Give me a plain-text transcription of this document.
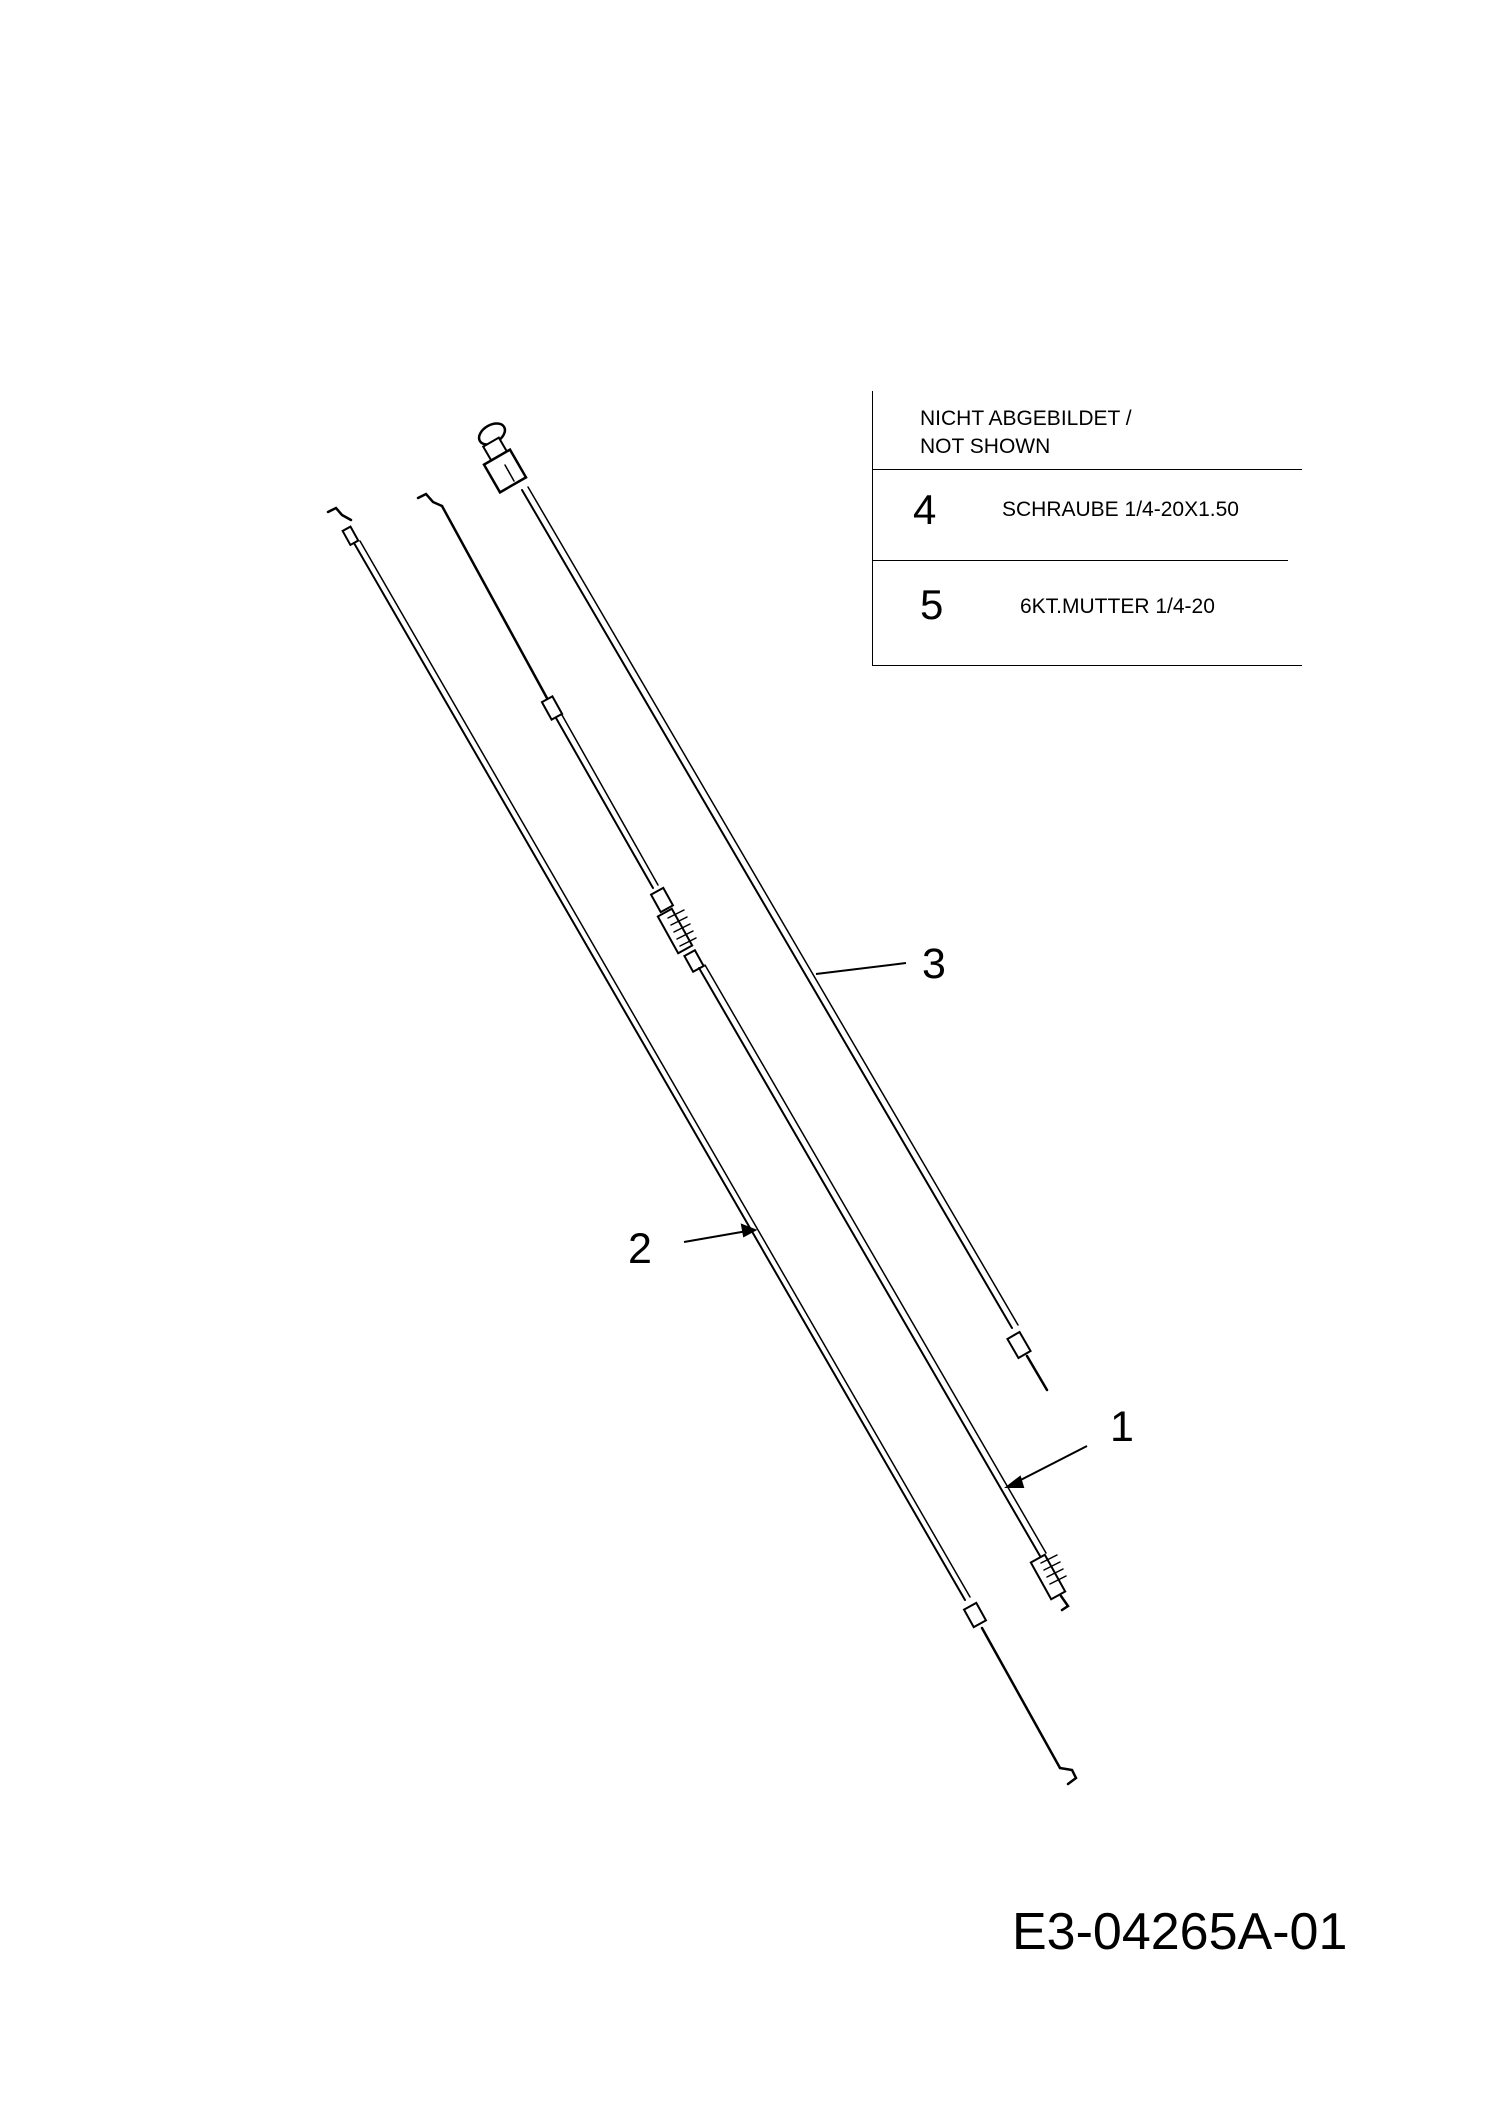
NICHT ABGEBILDET /
NOT SHOWN
4	SCHRAUBE 1/4-20X1.50
5	6KT.MUTTER 1/4-20
3
2
1
E3-04265A-01
